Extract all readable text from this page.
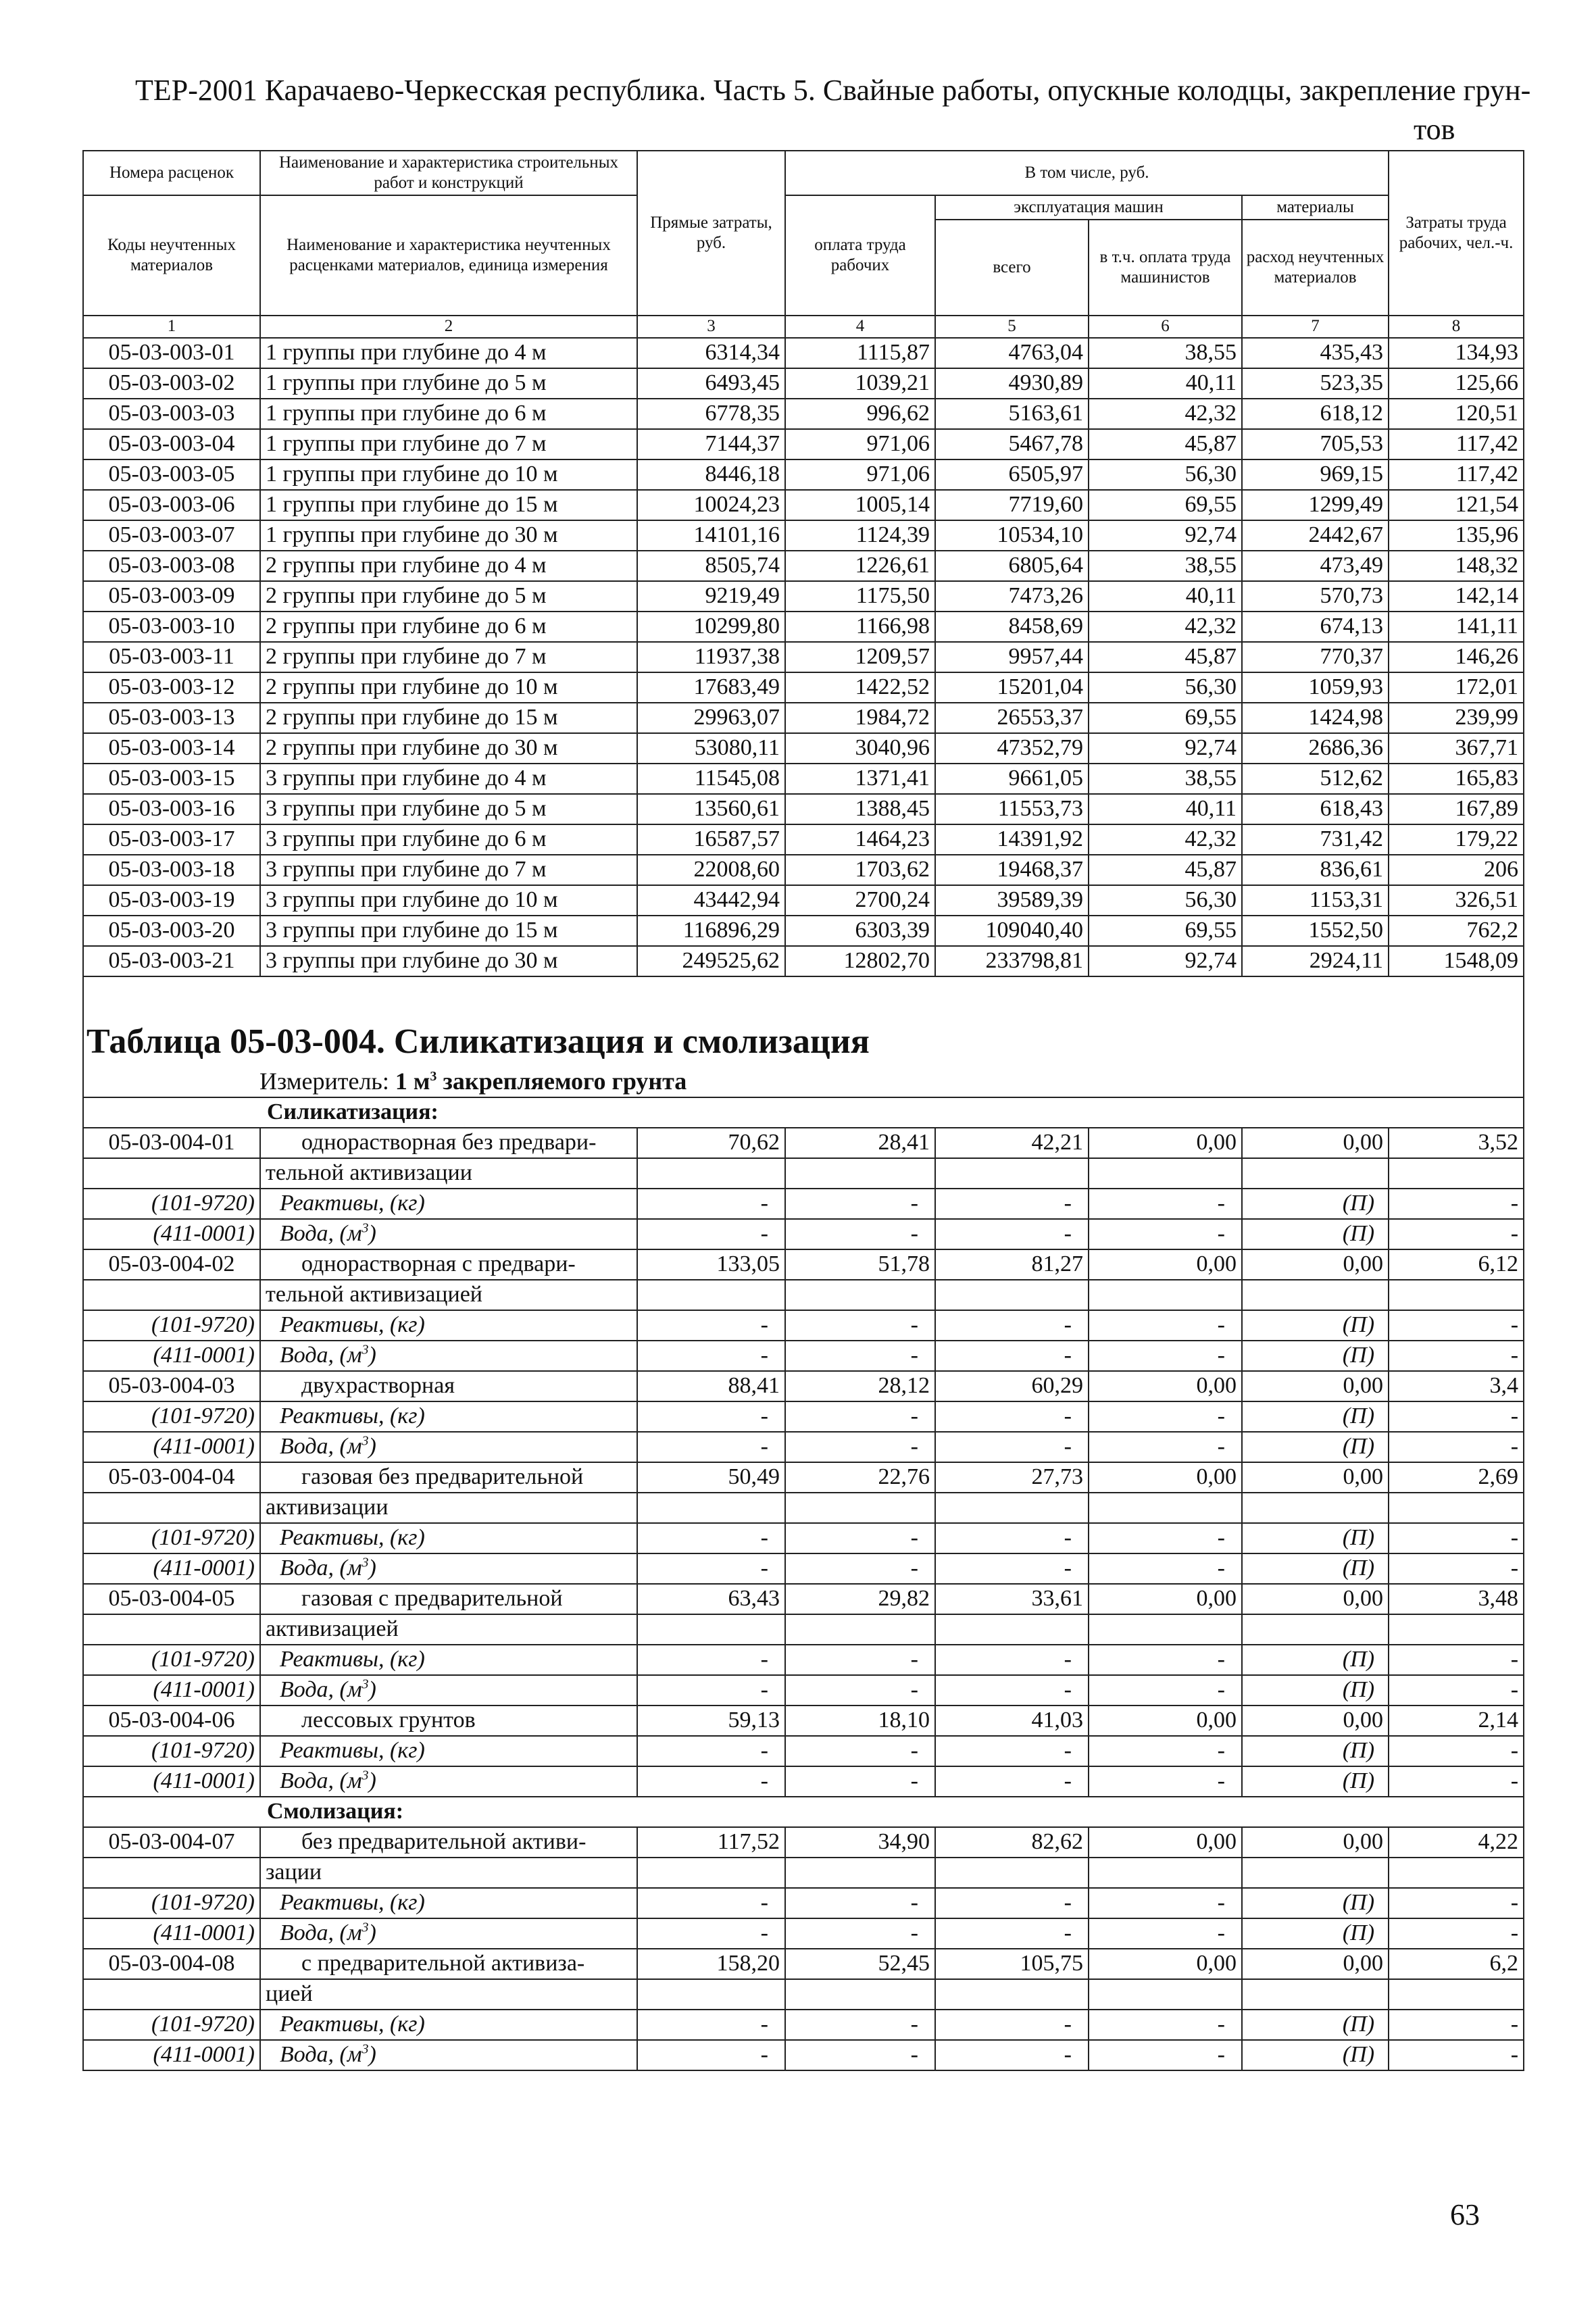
ТЕР-2001 Карачаево-Черкесская республика. Часть 5. Свайные работы, опускные колодцы, закрепление грун-
тов
Номера расценок	Наименование и характеристика строительных работ и конструкций	Прямые затраты, руб.	В том числе, руб.				Затраты труда рабочих, чел.-ч.
Коды неучтенных материалов	Наименование и характеристика неучтенных расценками материалов, единица измерения		оплата труда рабочих	эксплуатация машин		материалы	
				всего	в т.ч. оплата труда машинистов	расход неучтенных материалов	
1	2	3	4	5	6	7	8
05-03-003-01	1 группы при глубине до 4 м	6314,34	1115,87	4763,04	38,55	435,43	134,93
05-03-003-02	1 группы при глубине до 5 м	6493,45	1039,21	4930,89	40,11	523,35	125,66
05-03-003-03	1 группы при глубине до 6 м	6778,35	996,62	5163,61	42,32	618,12	120,51
05-03-003-04	1 группы при глубине до 7 м	7144,37	971,06	5467,78	45,87	705,53	117,42
05-03-003-05	1 группы при глубине до 10 м	8446,18	971,06	6505,97	56,30	969,15	117,42
05-03-003-06	1 группы при глубине до 15 м	10024,23	1005,14	7719,60	69,55	1299,49	121,54
05-03-003-07	1 группы при глубине до 30 м	14101,16	1124,39	10534,10	92,74	2442,67	135,96
05-03-003-08	2 группы при глубине до 4 м	8505,74	1226,61	6805,64	38,55	473,49	148,32
05-03-003-09	2 группы при глубине до 5 м	9219,49	1175,50	7473,26	40,11	570,73	142,14
05-03-003-10	2 группы при глубине до 6 м	10299,80	1166,98	8458,69	42,32	674,13	141,11
05-03-003-11	2 группы при глубине до 7 м	11937,38	1209,57	9957,44	45,87	770,37	146,26
05-03-003-12	2 группы при глубине до 10 м	17683,49	1422,52	15201,04	56,30	1059,93	172,01
05-03-003-13	2 группы при глубине до 15 м	29963,07	1984,72	26553,37	69,55	1424,98	239,99
05-03-003-14	2 группы при глубине до 30 м	53080,11	3040,96	47352,79	92,74	2686,36	367,71
05-03-003-15	3 группы при глубине до 4 м	11545,08	1371,41	9661,05	38,55	512,62	165,83
05-03-003-16	3 группы при глубине до 5 м	13560,61	1388,45	11553,73	40,11	618,43	167,89
05-03-003-17	3 группы при глубине до 6 м	16587,57	1464,23	14391,92	42,32	731,42	179,22
05-03-003-18	3 группы при глубине до 7 м	22008,60	1703,62	19468,37	45,87	836,61	206
05-03-003-19	3 группы при глубине до 10 м	43442,94	2700,24	39589,39	56,30	1153,31	326,51
05-03-003-20	3 группы при глубине до 15 м	116896,29	6303,39	109040,40	69,55	1552,50	762,2
05-03-003-21	3 группы при глубине до 30 м	249525,62	12802,70	233798,81	92,74	2924,11	1548,09

Таблица 05-03-004. Силикатизация и смолизация							
Измеритель: 1 $м^3$ закрепляемого грунта							
	Силикатизация:						
05-03-004-01	однорастворная без предвари-	70,62	28,41	42,21	0,00	0,00	3,52
	тельной активизации						
(101-9720)	Реактивы, (кг)	-	-	-	-	(П)	-
(411-0001)	Вода, $(м^3)$	-	-	-	-	(П)	-
05-03-004-02	однорастворная с предвари-	133,05	51,78	81,27	0,00	0,00	6,12
	тельной активизацией						
(101-9720)	Реактивы, (кг)	-	-	-	-	(П)	-
(411-0001)	Вода, $(м^3)$	-	-	-	-	(П)	-
05-03-004-03	двухрастворная	88,41	28,12	60,29	0,00	0,00	3,4
(101-9720)	Реактивы, (кг)	-	-	-	-	(П)	-
(411-0001)	Вода, $(м^3)$	-	-	-	-	(П)	-
05-03-004-04	газовая без предварительной	50,49	22,76	27,73	0,00	0,00	2,69
	активизации						
(101-9720)	Реактивы, (кг)	-	-	-	-	(П)	-
(411-0001)	Вода, $(м^3)$	-	-	-	-	(П)	-
05-03-004-05	газовая с предварительной	63,43	29,82	33,61	0,00	0,00	3,48
	активизацией						
(101-9720)	Реактивы, (кг)	-	-	-	-	(П)	-
(411-0001)	Вода, $(м^3)$	-	-	-	-	(П)	-
05-03-004-06	лессовых грунтов	59,13	18,10	41,03	0,00	0,00	2,14
(101-9720)	Реактивы, (кг)	-	-	-	-	(П)	-
(411-0001)	Вода, $(м^3)$	-	-	-	-	(П)	-
	Смолизация:						
05-03-004-07	без предварительной активи-	117,52	34,90	82,62	0,00	0,00	4,22
	зации						
(101-9720)	Реактивы, (кг)	-	-	-	-	(П)	-
(411-0001)	Вода, $(м^3)$	-	-	-	-	(П)	-
05-03-004-08	с предварительной активиза-	158,20	52,45	105,75	0,00	0,00	6,2
	цией						
(101-9720)	Реактивы, (кг)	-	-	-	-	(П)	-
(411-0001)	Вода, $(м^3)$	-	-	-	-	(П)	-
63
